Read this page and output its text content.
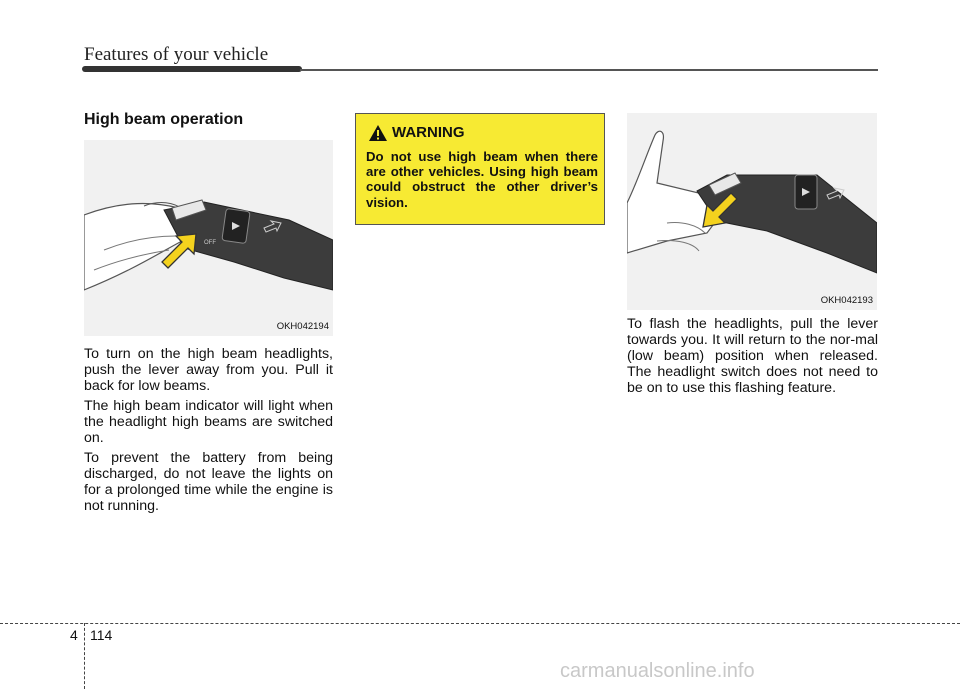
Features of your vehicle
High beam operation
OFF
OKH042194

To turn on the high beam headlights, push the lever away from you. Pull it back for low beams.

The high beam indicator will light when the headlight high beams are switched on.

To prevent the battery from being discharged, do not leave the lights on for a prolonged time while the engine is not running.

WARNING

Do not use high beam when there are other vehicles. Using high beam could obstruct the other driver’s vision.

OKH042193

To flash the headlights, pull the lever towards you. It will return to the nor-mal (low beam) position when released. The headlight switch does not need to be on to use this flashing feature.

4 114
carmanualsonline.info
